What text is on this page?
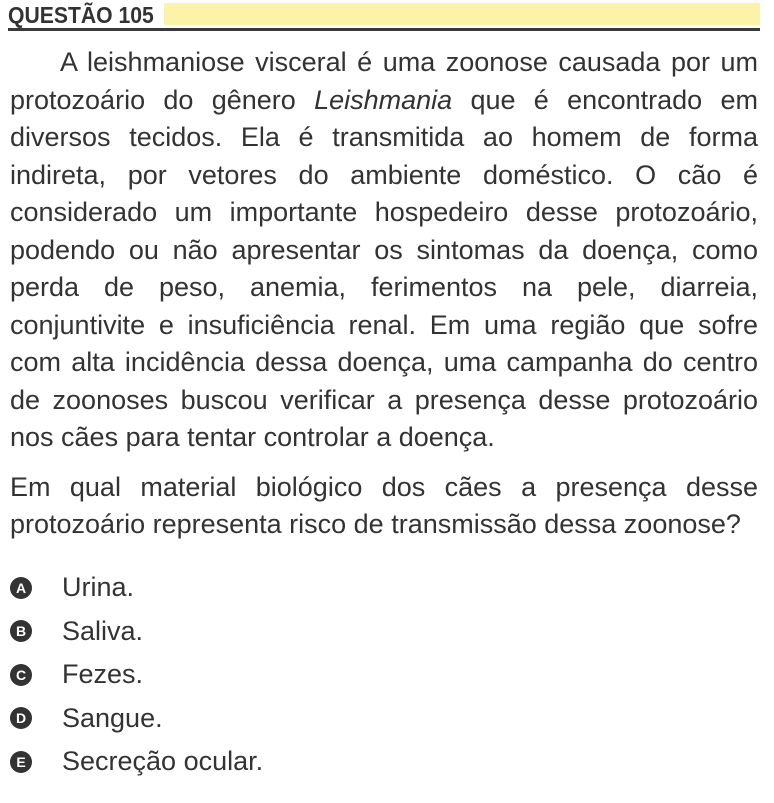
QUESTÃO 105

A leishmaniose visceral é uma zoonose causada por um protozoário do gênero Leishmania que é encontrado em diversos tecidos. Ela é transmitida ao homem de forma indireta, por vetores do ambiente doméstico. O cão é considerado um importante hospedeiro desse protozoário, podendo ou não apresentar os sintomas da doença, como perda de peso, anemia, ferimentos na pele, diarreia, conjuntivite e insuficiência renal. Em uma região que sofre com alta incidência dessa doença, uma campanha do centro de zoonoses buscou verificar a presença desse protozoário nos cães para tentar controlar a doença.

Em qual material biológico dos cães a presença desse protozoário representa risco de transmissão dessa zoonose?

A Urina.
B Saliva.
C Fezes.
D Sangue.
E Secreção ocular.
